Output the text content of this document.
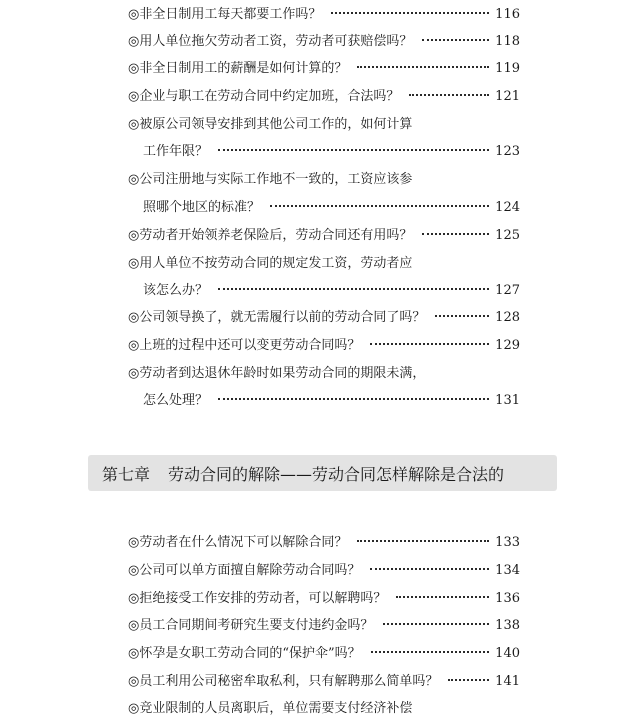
◎非全日制用工每天都要工作吗？	116
◎用人单位拖欠劳动者工资，劳动者可获赔偿吗？	118
◎非全日制用工的薪酬是如何计算的？	119
◎企业与职工在劳动合同中约定加班，合法吗？	121
◎被原公司领导安排到其他公司工作的，如何计算
工作年限？	123
◎公司注册地与实际工作地不一致的，工资应该参
照哪个地区的标准？	124
◎劳动者开始领养老保险后，劳动合同还有用吗？	125
◎用人单位不按劳动合同的规定发工资，劳动者应
该怎么办？	127
◎公司领导换了，就无需履行以前的劳动合同了吗？	128
◎上班的过程中还可以变更劳动合同吗？	129
◎劳动者到达退休年龄时如果劳动合同的期限未满，
怎么处理？	131
第七章 劳动合同的解除——劳动合同怎样解除是合法的
◎劳动者在什么情况下可以解除合同？	133
◎公司可以单方面擅自解除劳动合同吗？	134
◎拒绝接受工作安排的劳动者，可以解聘吗？	136
◎员工合同期间考研究生要支付违约金吗？	138
◎怀孕是女职工劳动合同的“保护伞”吗？	140
◎员工利用公司秘密牟取私利，只有解聘那么简单吗？	141
◎竞业限制的人员离职后，单位需要支付经济补偿
